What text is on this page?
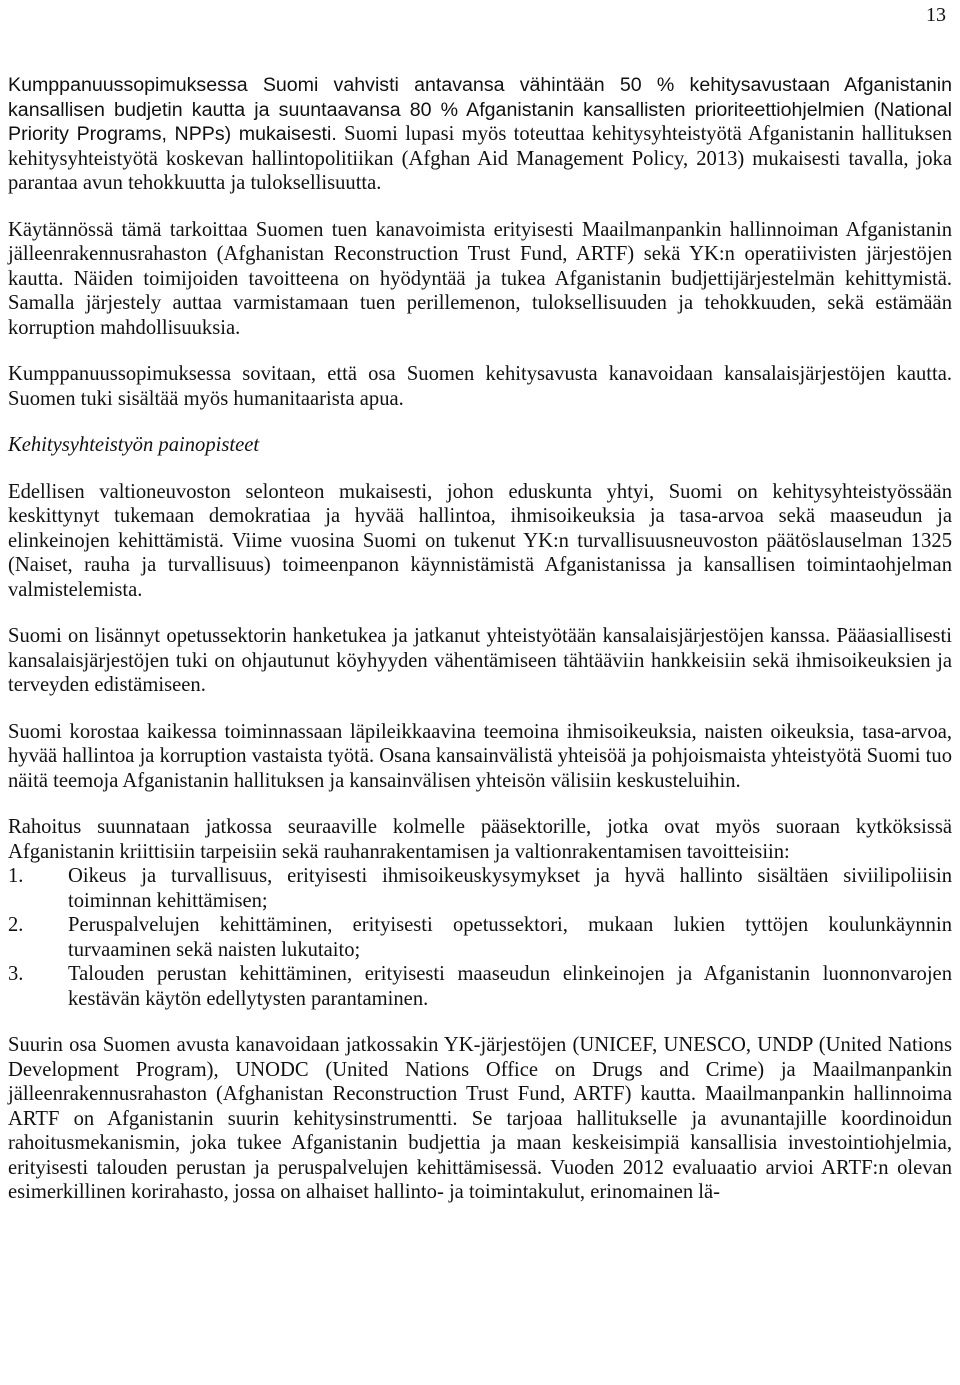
13

Kumppanuussopimuksessa Suomi vahvisti antavansa vähintään 50 % kehitysavustaan Afganistanin kansallisen budjetin kautta ja suuntaavansa 80 % Afganistanin kansallisten prioriteettiohjelmien (National Priority Programs, NPPs) mukaisesti. Suomi lupasi myös toteuttaa kehitysyhteistyötä Afganistanin hallituksen kehitysyhteistyötä koskevan hallintopolitiikan (Afghan Aid Management Policy, 2013) mukaisesti tavalla, joka parantaa avun tehokkuutta ja tuloksellisuutta.

Käytännössä tämä tarkoittaa Suomen tuen kanavoimista erityisesti Maailmanpankin hallinnoiman Afganistanin jälleenrakennusrahaston (Afghanistan Reconstruction Trust Fund, ARTF) sekä YK:n operatiivisten järjestöjen kautta. Näiden toimijoiden tavoitteena on hyödyntää ja tukea Afganistanin budjettijärjestelmän kehittymistä. Samalla järjestely auttaa varmistamaan tuen perillemenon, tuloksellisuuden ja tehokkuuden, sekä estämään korruption mahdollisuuksia.

Kumppanuussopimuksessa sovitaan, että osa Suomen kehitysavusta kanavoidaan kansalaisjärjestöjen kautta. Suomen tuki sisältää myös humanitaarista apua.

Kehitysyhteistyön painopisteet

Edellisen valtioneuvoston selonteon mukaisesti, johon eduskunta yhtyi, Suomi on kehitysyhteistyössään keskittynyt tukemaan demokratiaa ja hyvää hallintoa, ihmisoikeuksia ja tasa-arvoa sekä maaseudun ja elinkeinojen kehittämistä. Viime vuosina Suomi on tukenut YK:n turvallisuusneuvoston päätöslauselman 1325 (Naiset, rauha ja turvallisuus) toimeenpanon käynnistämistä Afganistanissa ja kansallisen toimintaohjelman valmistelemista.

Suomi on lisännyt opetussektorin hanketukea ja jatkanut yhteistyötään kansalaisjärjestöjen kanssa. Pääasiallisesti kansalaisjärjestöjen tuki on ohjautunut köyhyyden vähentämiseen tähtääviin hankkeisiin sekä ihmisoikeuksien ja terveyden edistämiseen.

Suomi korostaa kaikessa toiminnassaan läpileikkaavina teemoina ihmisoikeuksia, naisten oikeuksia, tasa-arvoa, hyvää hallintoa ja korruption vastaista työtä. Osana kansainvälistä yhteisöä ja pohjoismaista yhteistyötä Suomi tuo näitä teemoja Afganistanin hallituksen ja kansainvälisen yhteisön välisiin keskusteluihin.

Rahoitus suunnataan jatkossa seuraaville kolmelle pääsektorille, jotka ovat myös suoraan kytköksissä Afganistanin kriittisiin tarpeisiin sekä rauhanrakentamisen ja valtionrakentamisen tavoitteisiin:

1.	Oikeus ja turvallisuus, erityisesti ihmisoikeuskysymykset ja hyvä hallinto sisältäen siviilipoliisin toiminnan kehittämisen;
2.	Peruspalvelujen kehittäminen, erityisesti opetussektori, mukaan lukien tyttöjen koulunkäynnin turvaaminen sekä naisten lukutaito;
3.	Talouden perustan kehittäminen, erityisesti maaseudun elinkeinojen ja Afganistanin luonnonvarojen kestävän käytön edellytysten parantaminen.

Suurin osa Suomen avusta kanavoidaan jatkossakin YK-järjestöjen (UNICEF, UNESCO, UNDP (United Nations Development Program), UNODC (United Nations Office on Drugs and Crime) ja Maailmanpankin jälleenrakennusrahaston (Afghanistan Reconstruction Trust Fund, ARTF) kautta. Maailmanpankin hallinnoima ARTF on Afganistanin suurin kehitysinstrumentti. Se tarjoaa hallitukselle ja avunantajille koordinoidun rahoitusmekanismin, joka tukee Afganistanin budjettia ja maan keskeisimpiä kansallisia investointiohjelmia, erityisesti talouden perustan ja peruspalvelujen kehittämisessä. Vuoden 2012 evaluaatio arvioi ARTF:n olevan esimerkillinen korirahasto, jossa on alhaiset hallinto- ja toimintakulut, erinomainen lä-
